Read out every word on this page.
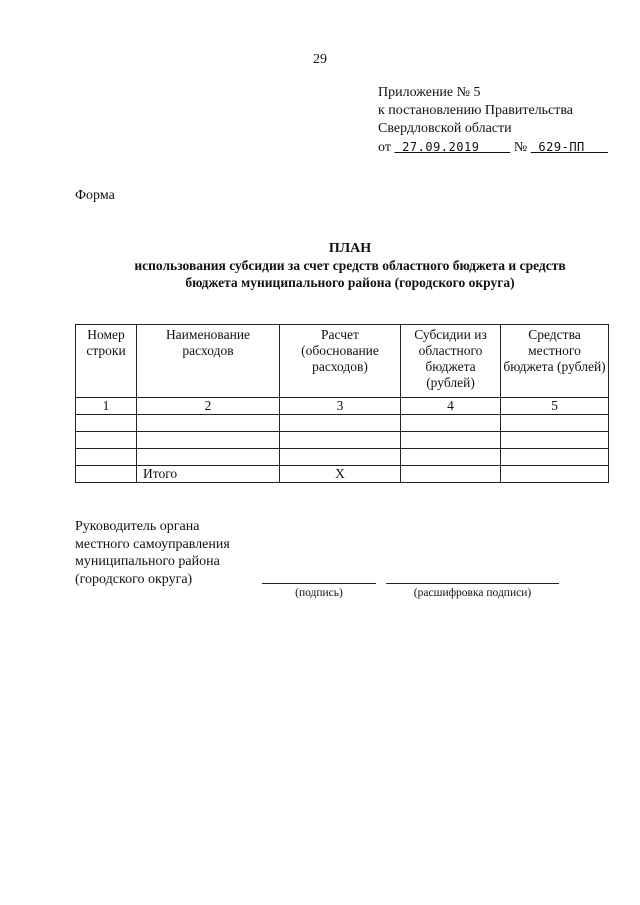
29
Приложение № 5
к постановлению Правительства
Свердловской области
от 27.09.2019 № 629-ПП
Форма
ПЛАН
использования субсидии за счет средств областного бюджета и средств
бюджета муниципального района (городского округа)
Номер строки	Наименование расходов	Расчет (обоснование расходов)	Субсидии из областного бюджета (рублей)	Средства местного бюджета (рублей)
1	2	3	4	5

	Итого	X		
Руководитель органа
местного самоуправления
муниципального района
(городского округа)
(подпись)	(расшифровка подписи)
